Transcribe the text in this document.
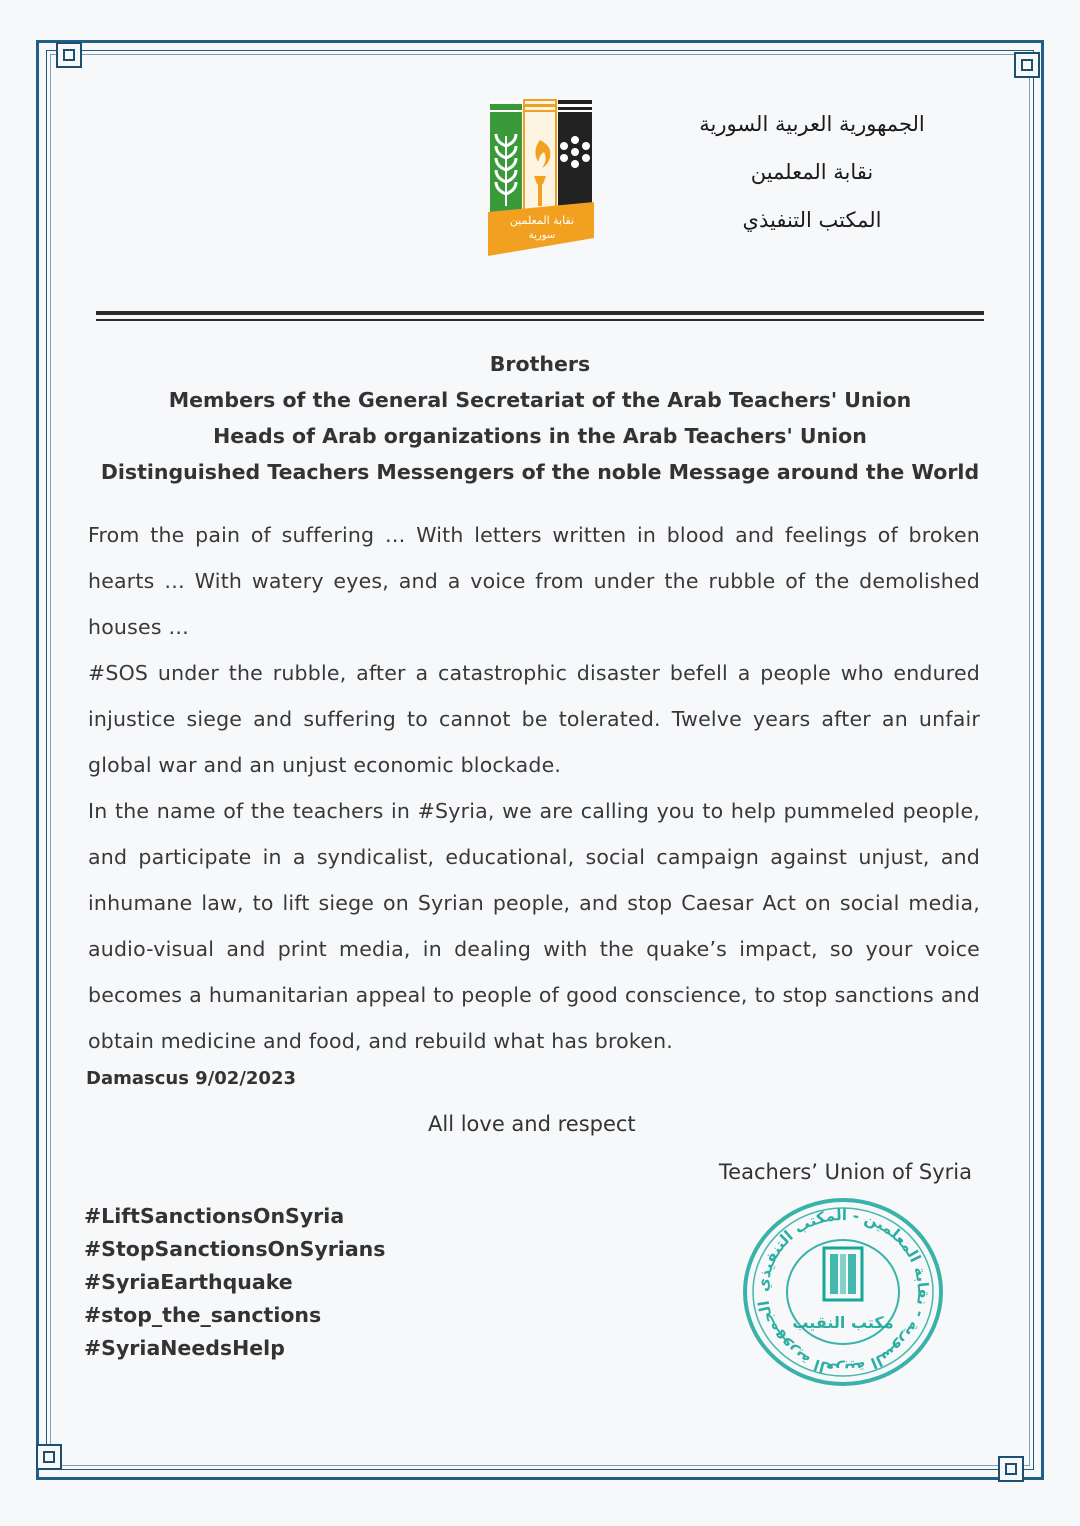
نقابة المعلمين
سورية
الجمهورية العربية السورية
نقابة المعلمين
المكتب التنفيذي
Brothers
Members of the General Secretariat of the Arab Teachers' Union
Heads of Arab organizations in the Arab Teachers' Union
Distinguished Teachers Messengers of the noble Message around the World

From the pain of suffering … With letters written in blood and feelings of broken hearts … With watery eyes, and a voice from under the rubble of the demolished houses …

#SOS under the rubble, after a catastrophic disaster befell a people who endured injustice siege and suffering to cannot be tolerated. Twelve years after an unfair global war and an unjust economic blockade.

In the name of the teachers in #Syria, we are calling you to help pummeled people, and participate in a syndicalist, educational, social campaign against unjust, and inhumane law, to lift siege on Syrian people, and stop Caesar Act on social media, audio-visual and print media, in dealing with the quake’s impact, so your voice becomes a humanitarian appeal to people of good conscience, to stop sanctions and obtain medicine and food, and rebuild what has broken.

Damascus 9/02/2023
All love and respect
Teachers’ Union of Syria
#LiftSanctionsOnSyria
#StopSanctionsOnSyrians
#SyriaEarthquake
#stop_the_sanctions
#SyriaNeedsHelp
الجمهورية العربية السورية - نقابة المعلمين - المكتب التنفيذي
مكتب النقيب
